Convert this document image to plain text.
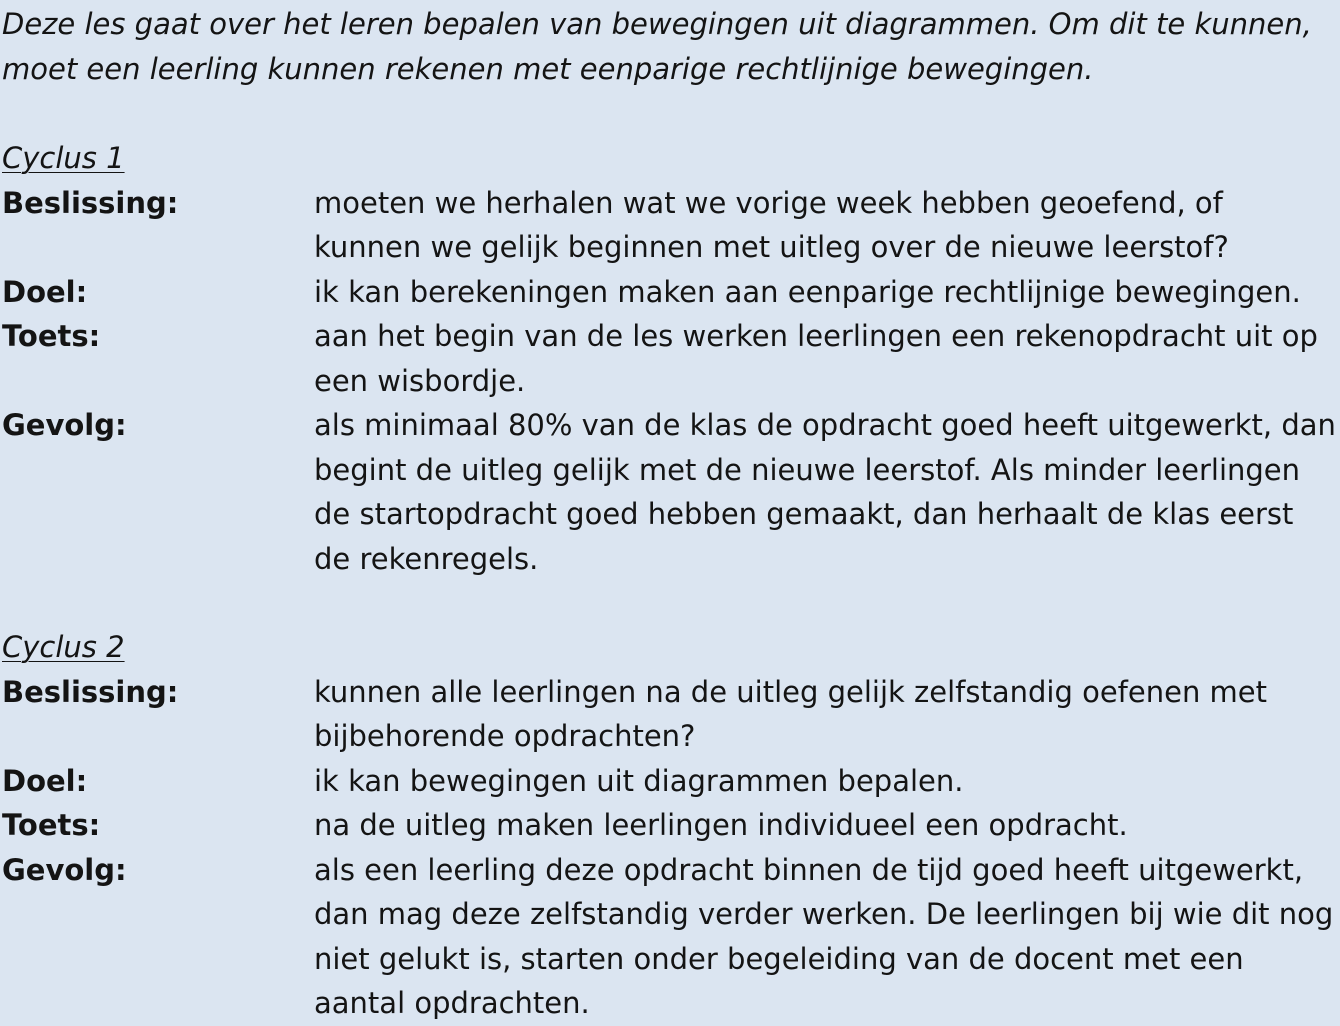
Deze les gaat over het leren bepalen van bewegingen uit diagrammen. Om dit te kunnen, moet een leerling kunnen rekenen met eenparige rechtlijnige bewegingen.

Cyclus 1
Beslissing:	moeten we herhalen wat we vorige week hebben geoefend, of kunnen we gelijk beginnen met uitleg over de nieuwe leerstof?
Doel:	ik kan berekeningen maken aan eenparige rechtlijnige bewegingen.
Toets:	aan het begin van de les werken leerlingen een rekenopdracht uit op een wisbordje.
Gevolg:	als minimaal 80% van de klas de opdracht goed heeft uitgewerkt, dan begint de uitleg gelijk met de nieuwe leerstof. Als minder leerlingen de startopdracht goed hebben gemaakt, dan herhaalt de klas eerst de rekenregels.
Cyclus 2
Beslissing:	kunnen alle leerlingen na de uitleg gelijk zelfstandig oefenen met bijbehorende opdrachten?
Doel:	ik kan bewegingen uit diagrammen bepalen.
Toets:	na de uitleg maken leerlingen individueel een opdracht.
Gevolg:	als een leerling deze opdracht binnen de tijd goed heeft uitgewerkt, dan mag deze zelfstandig verder werken. De leerlingen bij wie dit nog niet gelukt is, starten onder begeleiding van de docent met een aantal opdrachten.
